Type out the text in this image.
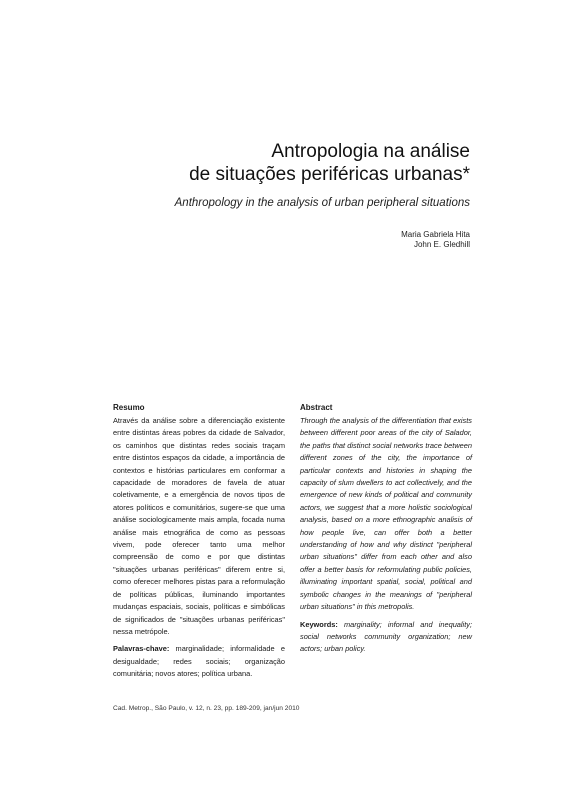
Antropologia na análise
de situações periféricas urbanas*
Anthropology in the analysis of urban peripheral situations
Maria Gabriela Hita
John E. Gledhill
Resumo

Através da análise sobre a diferenciação existente entre distintas áreas pobres da cidade de Salvador, os caminhos que distintas redes sociais traçam entre distintos espaços da cidade, a importância de contextos e histórias particulares em conformar a capacidade de moradores de favela de atuar coletivamente, e a emergência de novos tipos de atores políticos e comunitários, sugere-se que uma análise sociologicamente mais ampla, focada numa análise mais etnográfica de como as pessoas vivem, pode oferecer tanto uma melhor compreensão de como e por que distintas "situações urbanas periféricas" diferem entre si, como oferecer melhores pistas para a reformulação de políticas públicas, iluminando importantes mudanças espaciais, sociais, políticas e simbólicas de significados de "situações urbanas periféricas" nessa metrópole.

Palavras-chave: marginalidade; informalidade e desigualdade; redes sociais; organização comunitária; novos atores; política urbana.
Abstract

Through the analysis of the differentiation that exists between different poor areas of the city of Salador, the paths that distinct social networks trace between different zones of the city, the importance of particular contexts and histories in shaping the capacity of slum dwellers to act collectively, and the emergence of new kinds of political and community actors, we suggest that a more holistic sociological analysis, based on a more ethnographic analisis of how people live, can offer both a better understanding of how and why distinct "peripheral urban situations" differ from each other and also offer a better basis for reformulating public policies, illuminating important spatial, social, political and symbolic changes in the meanings of "peripheral urban situations" in this metropolis.

Keywords: marginality; informal and inequality; social networks community organization; new actors; urban policy.
Cad. Metrop., São Paulo, v. 12, n. 23, pp. 189-209, jan/jun 2010
